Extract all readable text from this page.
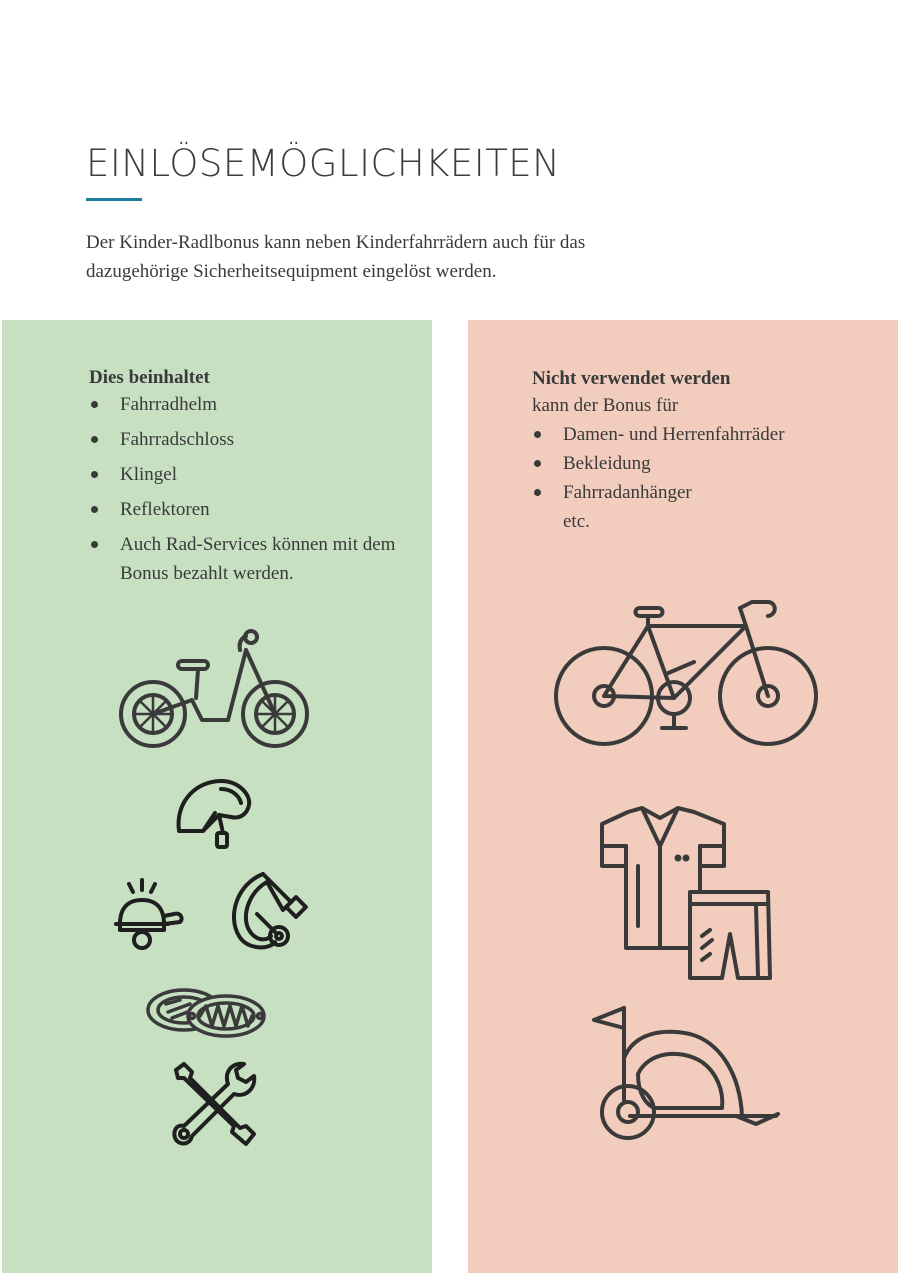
EINLÖSEMÖGLICHKEITEN

Der Kinder-Radlbonus kann neben Kinderfahrrädern auch für das
dazugehörige Sicherheitsequipment eingelöst werden.

Dies beinhaltet

Fahrradhelm
Fahrradschloss
Klingel
Reflektoren
Auch Rad-Services können mit dem Bonus bezahlt werden.

Nicht verwendet werden

kann der Bonus für

Damen- und Herrenfahrräder
Bekleidung
Fahrradanhänger

etc.
